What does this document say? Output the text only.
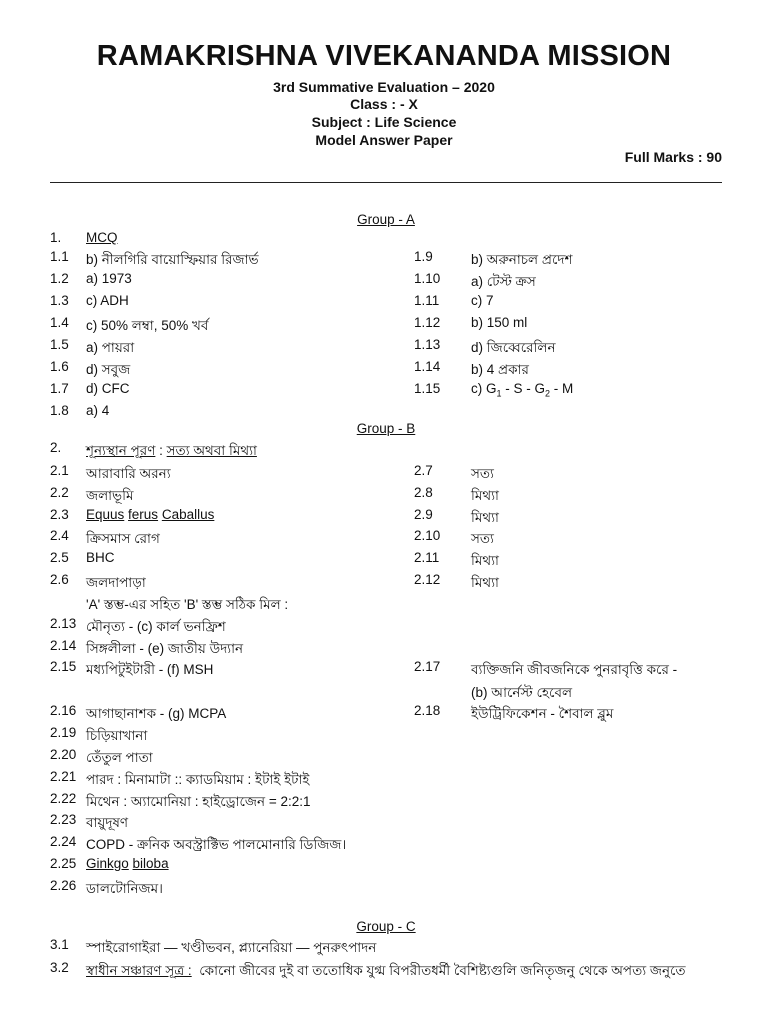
RAMAKRISHNA VIVEKANANDA MISSION
3rd Summative Evaluation – 2020
Class : - X
Subject : Life Science
Model Answer Paper
Full Marks : 90
Group - A
1. MCQ
1.1 b) নীলগিরি বায়োস্ফিয়ার রিজার্ভ
1.2 a) 1973
1.3 c) ADH
1.4 c) 50% লম্বা, 50% খর্ব
1.5 a) পায়রা
1.6 d) সবুজ
1.7 d) CFC
1.8 a) 4
1.9	b) অরুনাচল প্রদেশ
1.10 a) টেস্ট ক্রস
1.11 c) 7
1.12 b) 150 ml
1.13 d) জিব্বেরেলিন
1.14 b) 4 প্রকার
1.15 c) $G_1$ - S - $G_2$ - M
Group - B
2. শূন্যস্থান পূরণ : সত্য অথবা মিথ্যা
2.1 আরাবারি অরন্য
2.2 জলাভূমি
2.4 ক্রিসমাস রোগ
2.5 BHC
2.6 জলদাপাড়া
2.3 Equus ferus Caballus
2.7	সত্য
2.8	মিথ্যা
2.9	মিথ্যা
2.10 সত্য
2.11 মিথ্যা
2.12 মিথ্যা
'A' স্তম্ভ-এর সহিত 'B' স্তম্ভ সঠিক মিল :
2.13 মৌনৃত্য - (c) কার্ল ভনফ্রিশ
2.14 সিঙ্গলীলা - (e) জাতীয় উদ্যান
2.15 মধ্যপিটুইটারী - (f) MSH
2.16 আগাছানাশক - (g) MCPA
2.17 ব্যক্তিজনি জীবজনিকে পুনরাবৃত্তি করে -
(b) আর্নেস্ট হেবেল
2.18 ইউট্রিফিকেশন - শৈবাল ব্লুম
2.19 চিড়িয়াখানা
2.20 তেঁতুল পাতা
2.21 পারদ : মিনামাটা :: ক্যাডমিয়াম : ইটাই ইটাই
2.22 মিথেন : অ্যামোনিয়া : হাইড্রোজেন = 2:2:1
2.23 বায়ুদূষণ
2.24 COPD - ক্রনিক অবস্ট্রাক্টিভ পালমোনারি ডিজিজ।
2.26 ডালটোনিজম।
2.25 Ginkgo biloba
Group - C
3.1 স্পাইরোগাইরা — খণ্ডীভবন, প্ল্যানেরিয়া — পুনরুৎপাদন
3.2 স্বাধীন সঞ্চারণ সূত্র : কোনো জীবের দুই বা ততোধিক যুগ্ম বিপরীতধর্মী বৈশিষ্ট্যগুলি জনিতৃজনু থেকে অপত্য জনুতে
